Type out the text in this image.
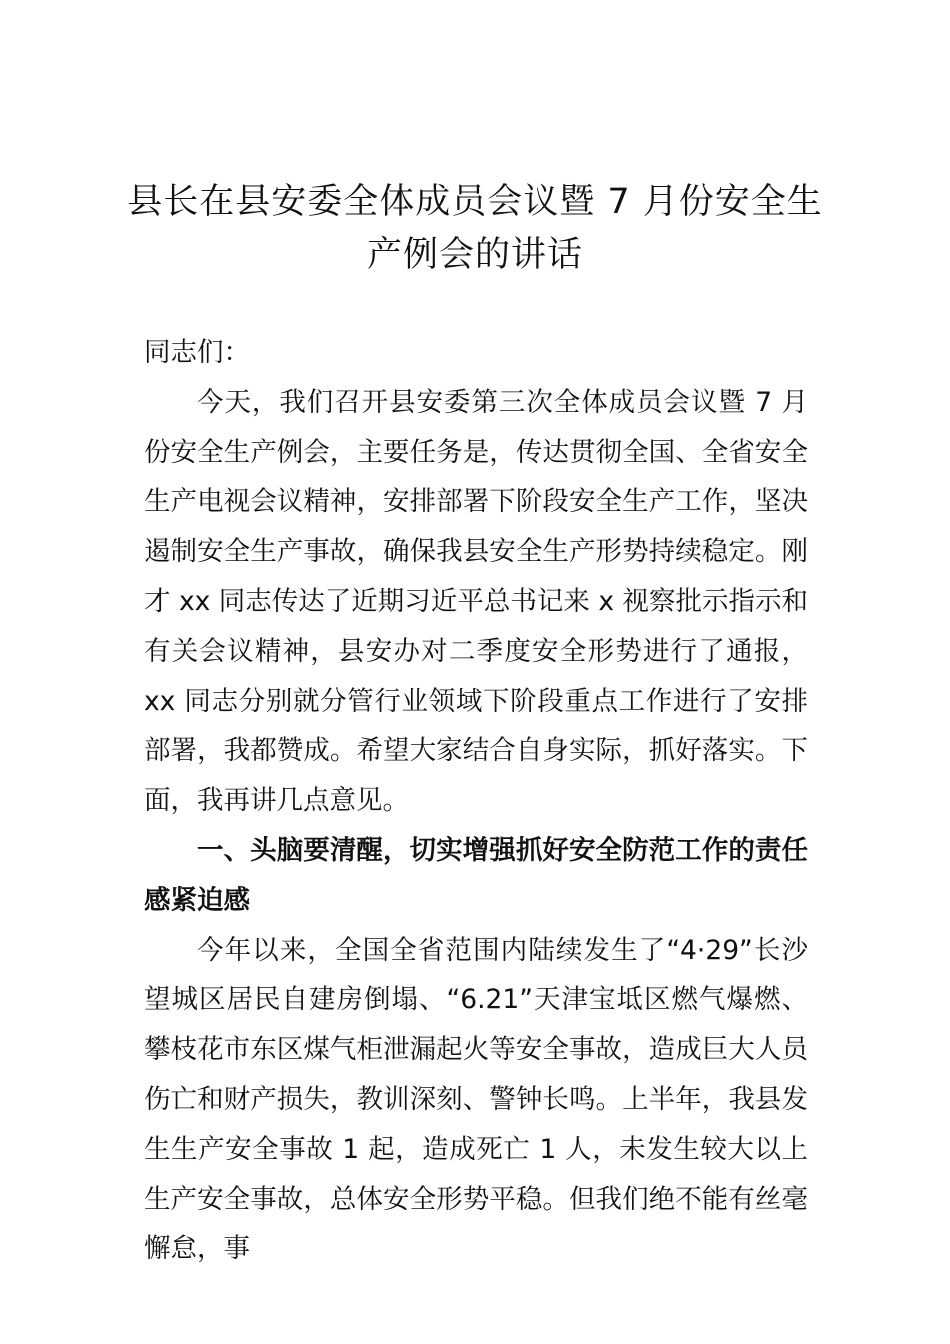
县长在县安委全体成员会议暨 7 月份安全生产例会的讲话

同志们：

今天，我们召开县安委第三次全体成员会议暨 7 月份安全生产例会，主要任务是，传达贯彻全国、全省安全生产电视会议精神，安排部署下阶段安全生产工作，坚决遏制安全生产事故，确保我县安全生产形势持续稳定。刚才 xx 同志传达了近期习近平总书记来 x 视察批示指示和有关会议精神，县安办对二季度安全形势进行了通报，xx 同志分别就分管行业领域下阶段重点工作进行了安排部署，我都赞成。希望大家结合自身实际，抓好落实。下面，我再讲几点意见。

一、头脑要清醒，切实增强抓好安全防范工作的责任感紧迫感

今年以来，全国全省范围内陆续发生了“4·29”长沙望城区居民自建房倒塌、“6.21”天津宝坻区燃气爆燃、攀枝花市东区煤气柜泄漏起火等安全事故，造成巨大人员伤亡和财产损失，教训深刻、警钟长鸣。上半年，我县发生生产安全事故 1 起，造成死亡 1 人，未发生较大以上生产安全事故，总体安全形势平稳。但我们绝不能有丝毫懈怠，事
